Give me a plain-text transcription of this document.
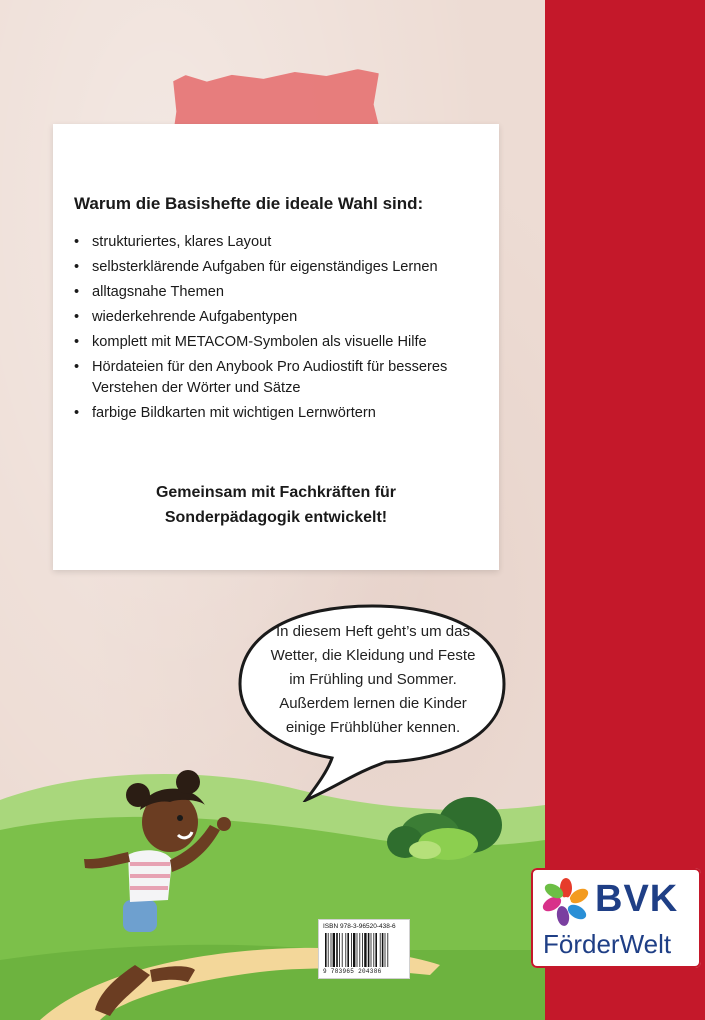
Warum die Basishefte die ideale Wahl sind:
• strukturiertes, klares Layout
• selbsterklärende Aufgaben für eigenständiges Lernen
• alltagsnahe Themen
• wiederkehrende Aufgabentypen
• komplett mit METACOM-Symbolen als visuelle Hilfe
• Hördateien für den Anybook Pro Audiostift für besseres Verstehen der Wörter und Sätze
• farbige Bildkarten mit wichtigen Lernwörtern
Gemeinsam mit Fachkräften für
Sonderpädagogik entwickelt!
In diesem Heft geht’s um das Wetter, die Kleidung und Feste im Frühling und Sommer. Außerdem lernen die Kinder einige Frühblüher kennen.
ISBN 978-3-96520-438-6
9 783965 204386
BVK
FörderWelt
